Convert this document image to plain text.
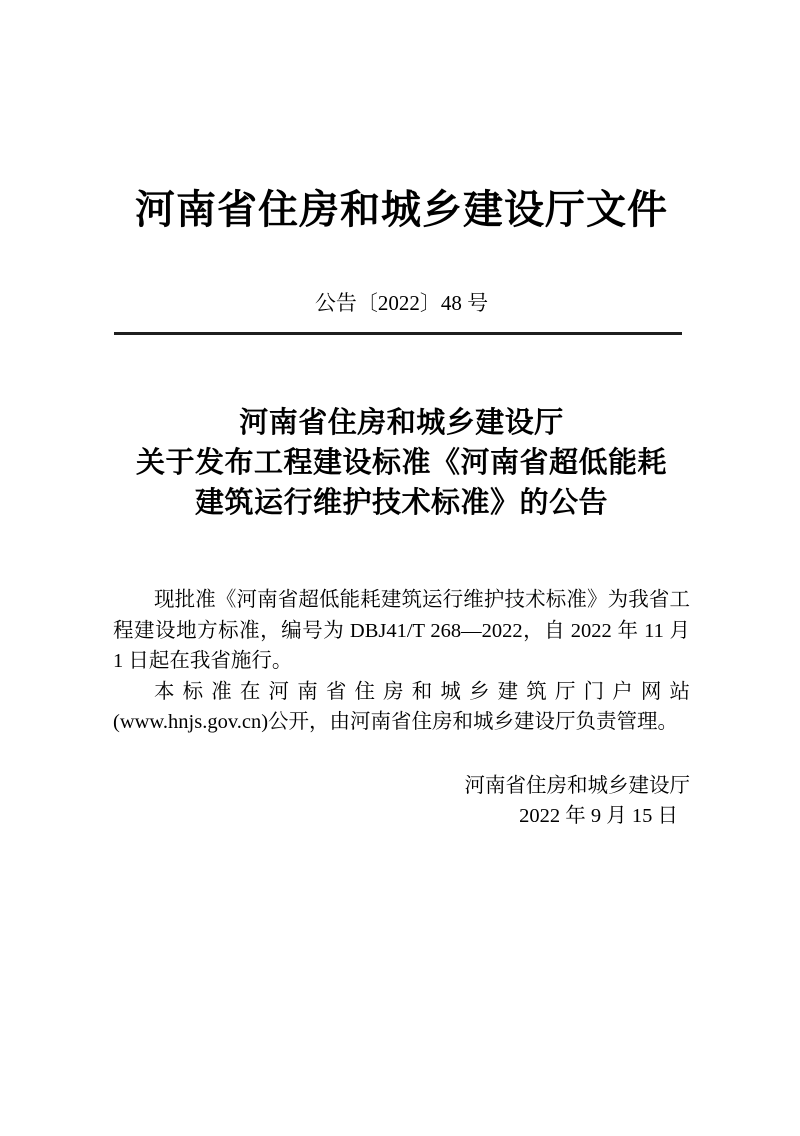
河南省住房和城乡建设厅文件
公告〔2022〕48 号
河南省住房和城乡建设厅
关于发布工程建设标准《河南省超低能耗
建筑运行维护技术标准》的公告

现批准《河南省超低能耗建筑运行维护技术标准》为我省工程建设地方标准，编号为 DBJ41/T 268—2022，自 2022 年 11 月 1 日起在我省施行。

本标准在河南省住房和城乡建筑厅门户网站(www.hnjs.gov.cn)公开，由河南省住房和城乡建设厅负责管理。

河南省住房和城乡建设厅
2022 年 9 月 15 日
